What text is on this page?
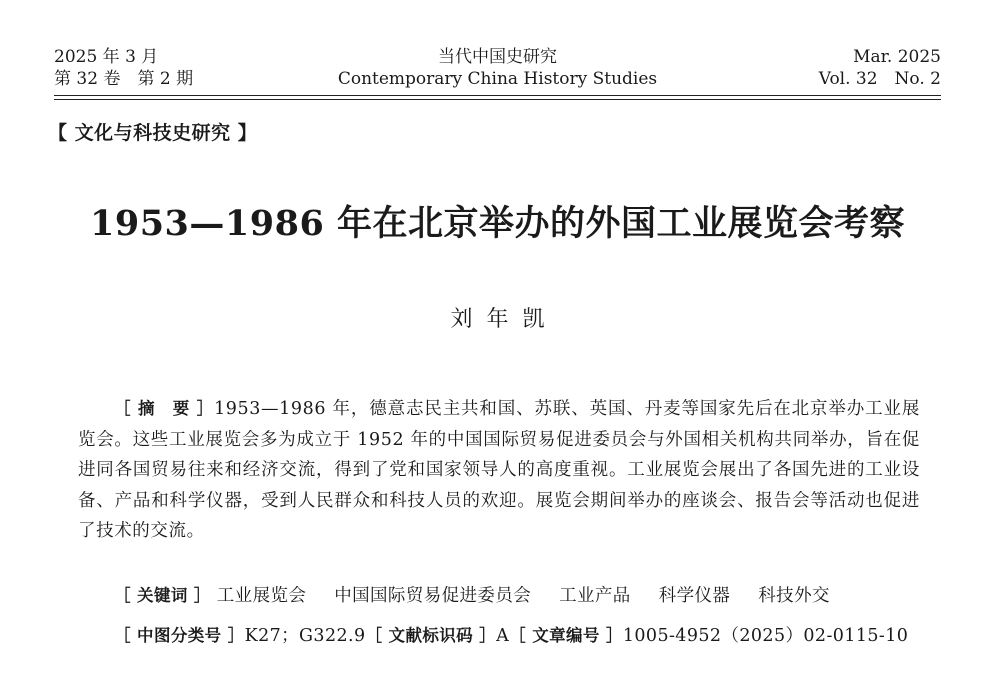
2025 年 3 月
第 32 卷　第 2 期
当代中国史研究
Contemporary China History Studies
Mar. 2025
Vol. 32　No. 2
【 文化与科技史研究 】
1953—1986 年在北京举办的外国工业展览会考察
刘年凯

［ 摘　要 ］1953—1986 年，德意志民主共和国、苏联、英国、丹麦等国家先后在北京举办工业展览会。这些工业展览会多为成立于 1952 年的中国国际贸易促进委员会与外国相关机构共同举办，旨在促进同各国贸易往来和经济交流，得到了党和国家领导人的高度重视。工业展览会展出了各国先进的工业设备、产品和科学仪器，受到人民群众和科技人员的欢迎。展览会期间举办的座谈会、报告会等活动也促进了技术的交流。

［ 关键词 ］ 工业展览会 中国国际贸易促进委员会 工业产品 科学仪器 科技外交
［ 中图分类号 ］K27；G322.9［ 文献标识码 ］A［ 文章编号 ］1005-4952（2025）02-0115-10
